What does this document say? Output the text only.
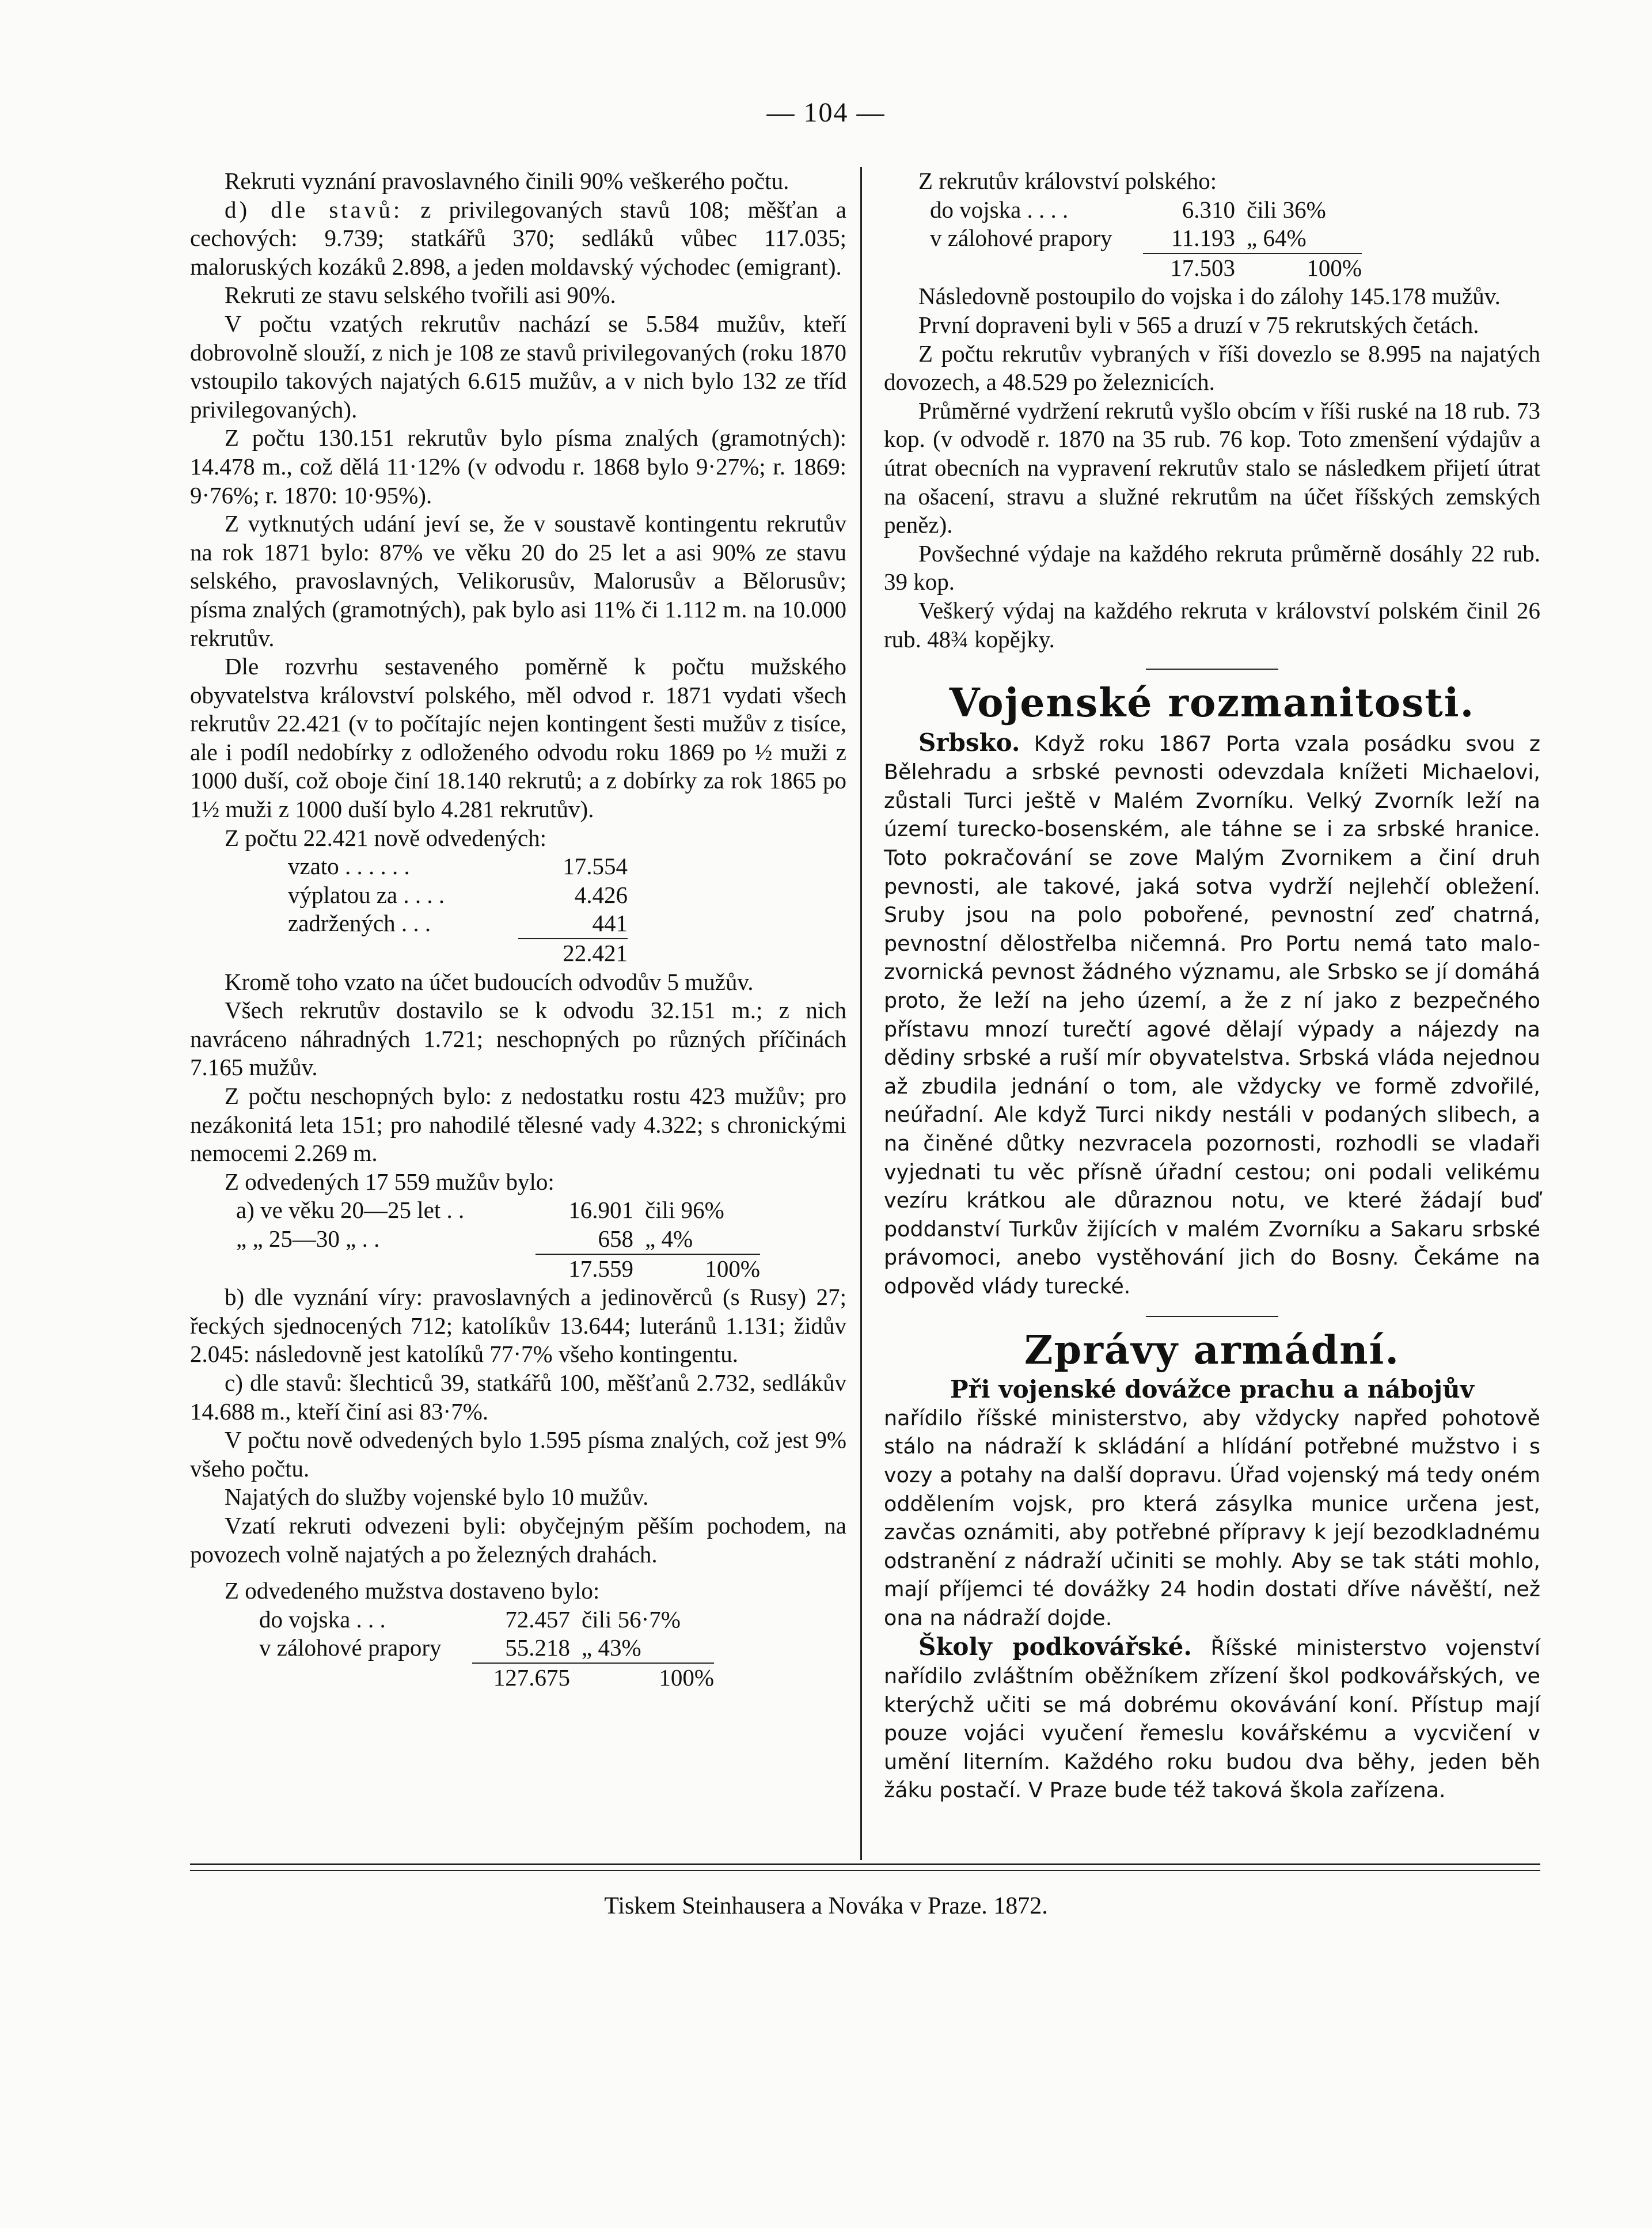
— 104 —

Rekruti vyznání pravoslavného činili 90% veškerého počtu.

d) dle stavů: z privilegovaných stavů 108; měšťan a cechových: 9.739; statkářů 370; sedláků vůbec 117.035; maloruských kozáků 2.898, a jeden moldavský východec (emigrant).

Rekruti ze stavu selského tvořili asi 90%.

V počtu vzatých rekrutův nachází se 5.584 mužův, kteří dobrovolně slouží, z nich je 108 ze stavů privilegovaných (roku 1870 vstoupilo takových najatých 6.615 mužův, a v nich bylo 132 ze tříd privilegovaných).

Z počtu 130.151 rekrutův bylo písma znalých (gramotných): 14.478 m., což dělá 11·12% (v odvodu r. 1868 bylo 9·27%; r. 1869: 9·76%; r. 1870: 10·95%).

Z vytknutých udání jeví se, že v soustavě kontingentu rekrutův na rok 1871 bylo: 87% ve věku 20 do 25 let a asi 90% ze stavu selského, pravoslavných, Velikorusův, Malorusův a Bělorusův; písma znalých (gramotných), pak bylo asi 11% či 1.112 m. na 10.000 rekrutův.

Dle rozvrhu sestaveného poměrně k počtu mužského obyvatelstva království polského, měl odvod r. 1871 vydati všech rekrutův 22.421 (v to počítajíc nejen kontingent šesti mužův z tisíce, ale i podíl nedobírky z odloženého odvodu roku 1869 po ½ muži z 1000 duší, což oboje činí 18.140 rekrutů; a z dobírky za rok 1865 po 1½ muži z 1000 duší bylo 4.281 rekrutův).

Z počtu 22.421 nově odvedených:

vzato . . . . . .	17.554
výplatou za . . . .	4.426
zadržených . . .	441
22.421

Kromě toho vzato na účet budoucích odvodův 5 mužův.

Všech rekrutův dostavilo se k odvodu 32.151 m.; z nich navráceno náhradných 1.721; neschopných po různých příčinách 7.165 mužův.

Z počtu neschopných bylo: z nedostatku rostu 423 mužův; pro nezákonitá leta 151; pro nahodilé tělesné vady 4.322; s chronickými nemocemi 2.269 m.

Z odvedených 17 559 mužův bylo:

a) ve věku 20—25 let . .	16.901 čili 96%
„ „ 25—30 „ . .	658 „ 4%
17.559	100%

b) dle vyznání víry: pravoslavných a jedinověrců (s Rusy) 27; řeckých sjednocených 712; katolíkův 13.644; luteránů 1.131; židův 2.045: následovně jest katolíků 77·7% všeho kontingentu.

c) dle stavů: šlechticů 39, statkářů 100, měšťanů 2.732, sedlákův 14.688 m., kteří činí asi 83·7%.

V počtu nově odvedených bylo 1.595 písma znalých, což jest 9% všeho počtu.

Najatých do služby vojenské bylo 10 mužův.

Vzatí rekruti odvezeni byli: obyčejným pěším pochodem, na povozech volně najatých a po železných drahách.

Z odvedeného mužstva dostaveno bylo:

do vojska . . .	72.457 čili 56·7%
v zálohové prapory	55.218 „ 43%
127.675	100%

Z rekrutův království polského:

do vojska . . . .	6.310 čili 36%
v zálohové prapory	11.193 „ 64%
17.503	100%

Následovně postoupilo do vojska i do zálohy 145.178 mužův.

První dopraveni byli v 565 a druzí v 75 rekrutských četách.

Z počtu rekrutův vybraných v říši dovezlo se 8.995 na najatých dovozech, a 48.529 po železnicích.

Průměrné vydržení rekrutů vyšlo obcím v říši ruské na 18 rub. 73 kop. (v odvodě r. 1870 na 35 rub. 76 kop. Toto zmenšení výdajův a útrat obecních na vypravení rekrutův stalo se následkem přijetí útrat na ošacení, stravu a služné rekrutům na účet říšských zemských peněz).

Povšechné výdaje na každého rekruta průměrně dosáhly 22 rub. 39 kop.

Veškerý výdaj na každého rekruta v království polském činil 26 rub. 48¾ kopějky.

Vojenské rozmanitosti.

Srbsko. Když roku 1867 Porta vzala posádku svou z Bělehradu a srbské pevnosti odevzdala knížeti Michaelovi, zůstali Turci ještě v Malém Zvorníku. Velký Zvorník leží na území turecko-bosenském, ale táhne se i za srbské hranice. Toto pokračování se zove Malým Zvornikem a činí druh pevnosti, ale takové, jaká sotva vydrží nejlehčí obležení. Sruby jsou na polo pobořené, pevnostní zeď chatrná, pevnostní dělostřelba ničemná. Pro Portu nemá tato malo-zvornická pevnost žádného významu, ale Srbsko se jí domáhá proto, že leží na jeho území, a že z ní jako z bezpečného přístavu mnozí turečtí agové dělají výpady a nájezdy na dědiny srbské a ruší mír obyvatelstva. Srbská vláda nejednou až zbudila jednání o tom, ale vždycky ve formě zdvořilé, neúřadní. Ale když Turci nikdy nestáli v podaných slibech, a na činěné důtky nezvracela pozornosti, rozhodli se vladaři vyjednati tu věc přísně úřadní cestou; oni podali velikému vezíru krátkou ale důraznou notu, ve které žádají buď poddanství Turkův žijících v malém Zvorníku a Sakaru srbské právomoci, anebo vystěhování jich do Bosny. Čekáme na odpověd vlády turecké.

Zprávy armádní.

Při vojenské dovážce prachu a nábojův

nařídilo říšské ministerstvo, aby vždycky napřed pohotově stálo na nádraží k skládání a hlídání potřebné mužstvo i s vozy a potahy na další dopravu. Úřad vojenský má tedy oném oddělením vojsk, pro která zásylka munice určena jest, zavčas oznámiti, aby potřebné přípravy k její bezodkladnému odstranění z nádraží učiniti se mohly. Aby se tak státi mohlo, mají příjemci té dovážky 24 hodin dostati dříve návěští, než ona na nádraží dojde.

Školy podkovářské. Říšské ministerstvo vojenství nařídilo zvláštním oběžníkem zřízení škol podkovářských, ve kterýchž učiti se má dobrému okovávání koní. Přístup mají pouze vojáci vyučení řemeslu kovářskému a vycvičení v umění literním. Každého roku budou dva běhy, jeden běh žáku postačí. V Praze bude též taková škola zařízena.

Tiskem Steinhausera a Nováka v Praze. 1872.
